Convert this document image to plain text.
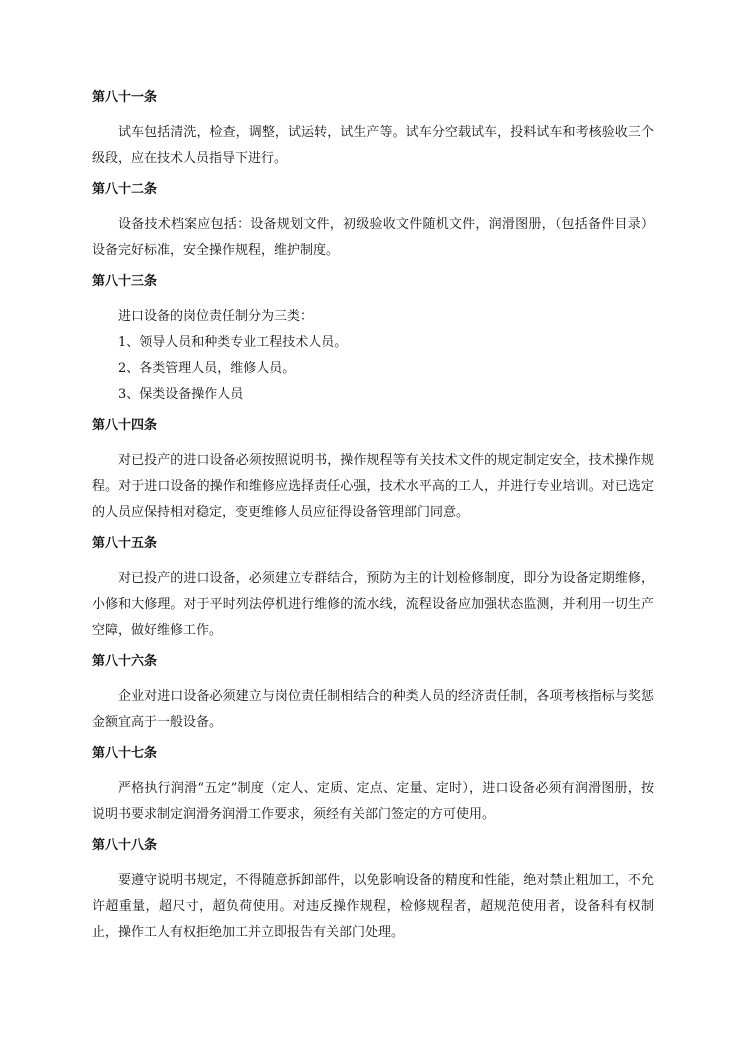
第八十一条

试车包括清洗，检查，调整，试运转，试生产等。试车分空载试车，投料试车和考核验收三个级段，应在技术人员指导下进行。

第八十二条

设备技术档案应包括：设备规划文件，初级验收文件随机文件，润滑图册，（包括备件目录）设备完好标准，安全操作规程，维护制度。

第八十三条

进口设备的岗位责任制分为三类：

1、领导人员和种类专业工程技术人员。

2、各类管理人员，维修人员。

3、保类设备操作人员

第八十四条

对已投产的进口设备必须按照说明书，操作规程等有关技术文件的规定制定安全，技术操作规程。对于进口设备的操作和维修应选择责任心强，技术水平高的工人，并进行专业培训。对已选定的人员应保持相对稳定，变更维修人员应征得设备管理部门同意。

第八十五条

对已投产的进口设备，必须建立专群结合，预防为主的计划检修制度，即分为设备定期维修，小修和大修理。对于平时列法停机进行维修的流水线，流程设备应加强状态监测，并利用一切生产空障，做好维修工作。

第八十六条

企业对进口设备必须建立与岗位责任制相结合的种类人员的经济责任制，各项考核指标与奖惩金额宜高于一般设备。

第八十七条

严格执行润滑“五定”制度（定人、定质、定点、定量、定时），进口设备必须有润滑图册，按说明书要求制定润滑务润滑工作要求，须经有关部门签定的方可使用。

第八十八条

要遵守说明书规定，不得随意拆卸部件，以免影响设备的精度和性能，绝对禁止粗加工，不允许超重量，超尺寸，超负荷使用。对违反操作规程，检修规程者，超规范使用者，设备科有权制止，操作工人有权拒绝加工并立即报告有关部门处理。
